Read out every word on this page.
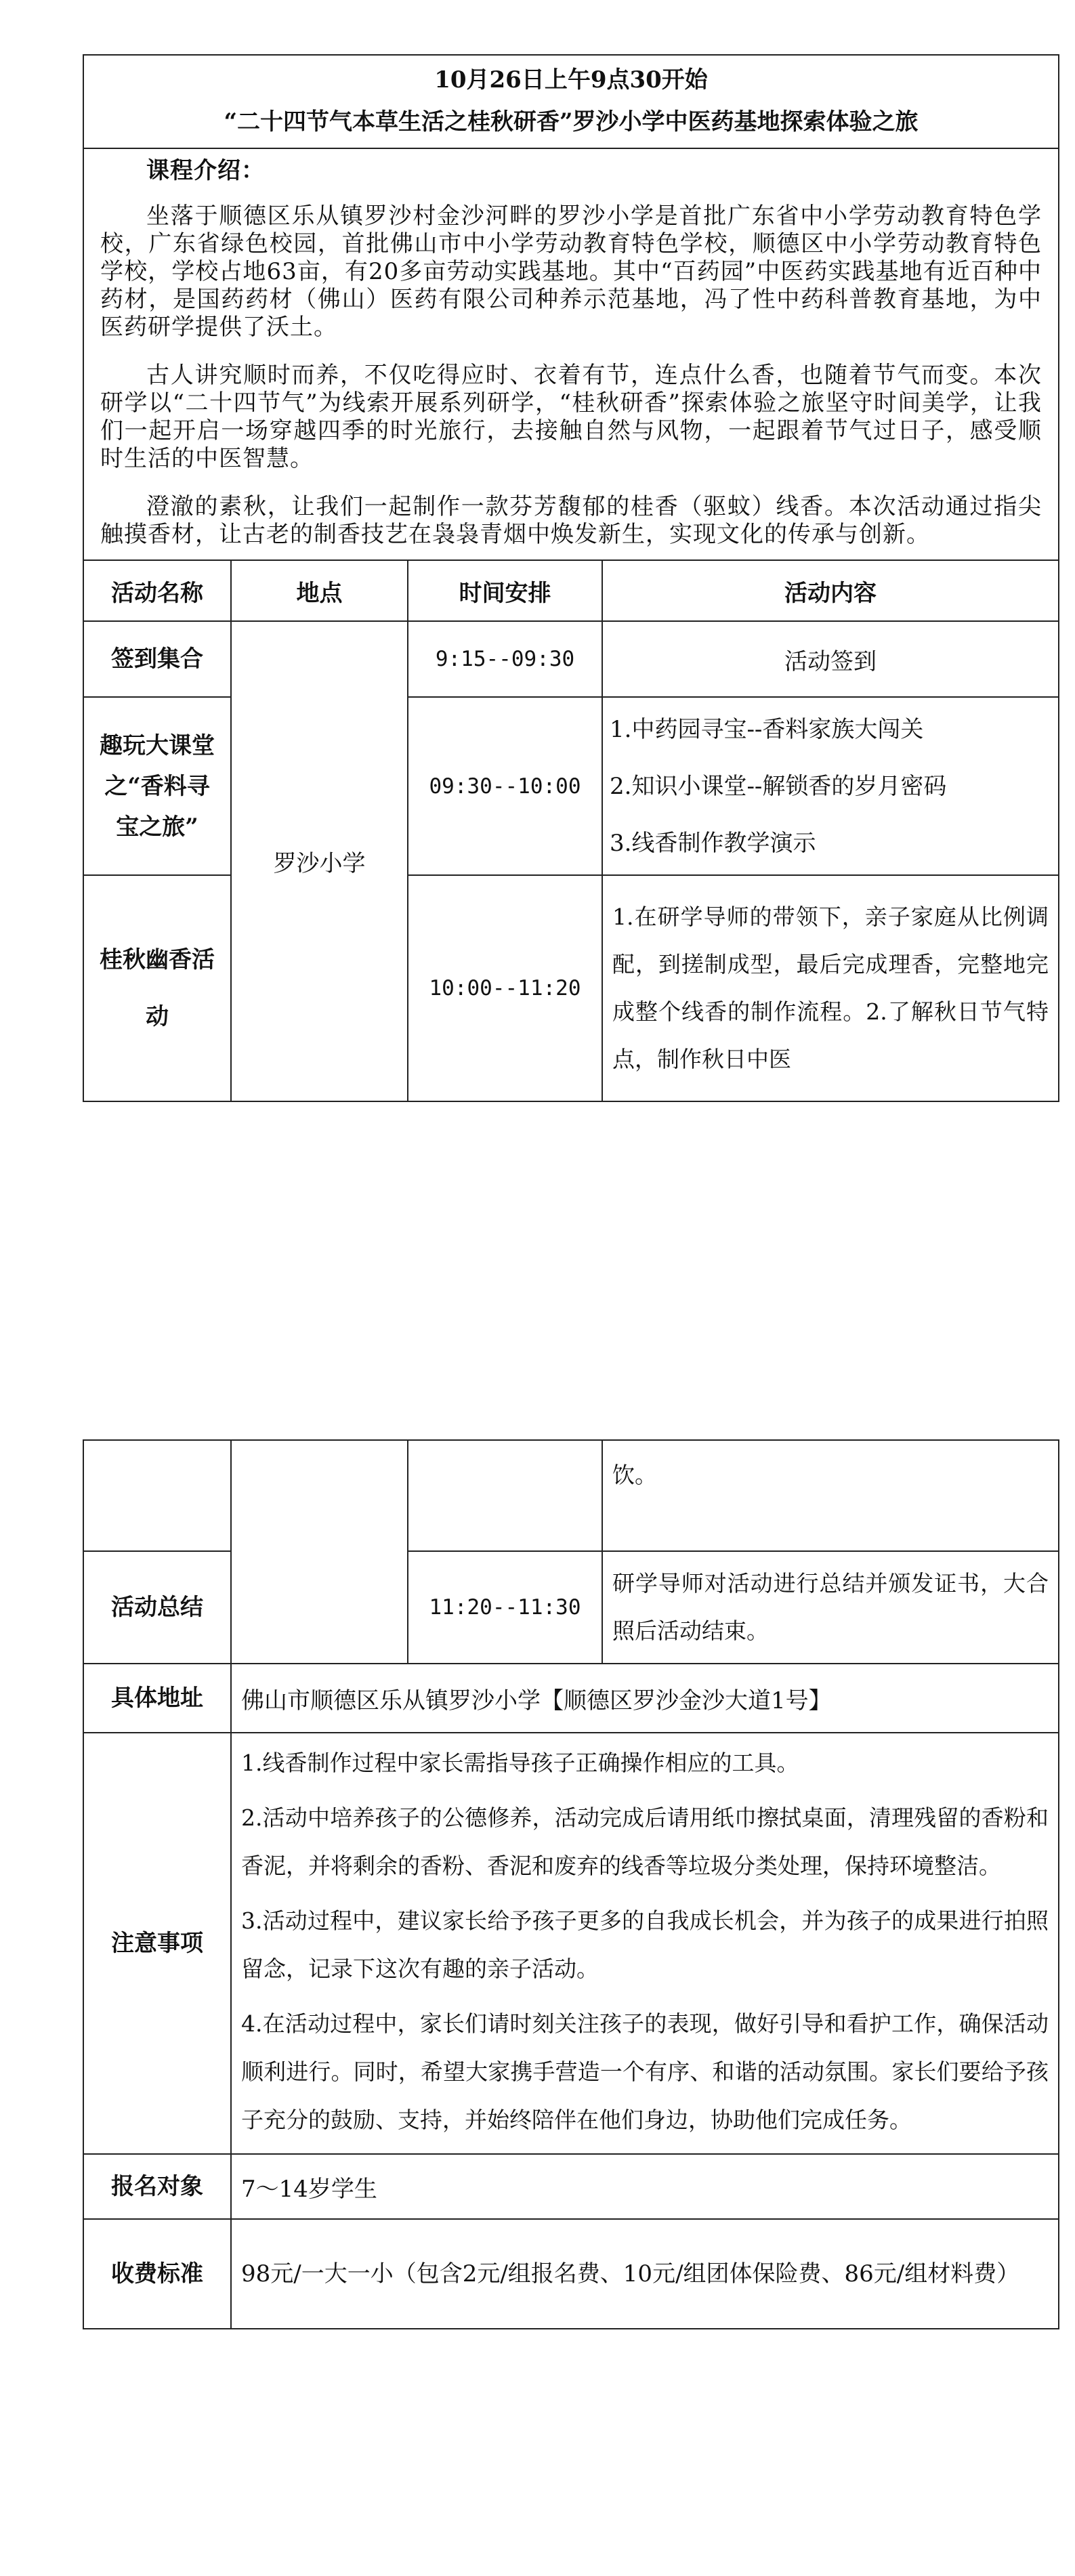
10月26日上午9点30开始
“二十四节气本草生活之桂秋研香”罗沙小学中医药基地探索体验之旅			

课程介绍：

坐落于顺德区乐从镇罗沙村金沙河畔的罗沙小学是首批广东省中小学劳动教育特色学校，广东省绿色校园，首批佛山市中小学劳动教育特色学校，顺德区中小学劳动教育特色学校，学校占地63亩，有20多亩劳动实践基地。其中“百药园”中医药实践基地有近百种中药材，是国药药材（佛山）医药有限公司种养示范基地，冯了性中药科普教育基地，为中医药研学提供了沃土。

古人讲究顺时而养，不仅吃得应时、衣着有节，连点什么香，也随着节气而变。本次研学以“二十四节气”为线索开展系列研学，“桂秋研香”探索体验之旅坚守时间美学，让我们一起开启一场穿越四季的时光旅行，去接触自然与风物，一起跟着节气过日子，感受顺时生活的中医智慧。

澄澈的素秋，让我们一起制作一款芬芳馥郁的桂香（驱蚊）线香。本次活动通过指尖触摸香材，让古老的制香技艺在袅袅青烟中焕发新生，实现文化的传承与创新。			

活动名称	地点	时间安排	活动内容
签到集合	罗沙小学	9:15--09:30	活动签到
趣玩大课堂之“香料寻宝之旅”		09:30--10:00	1.中药园寻宝--香料家族大闯关
2.知识小课堂--解锁香的岁月密码
3.线香制作教学演示

桂秋幽香活动		10:00--11:20	1.在研学导师的带领下，亲子家庭从比例调配，到搓制成型，最后完成理香，完整地完成整个线香的制作流程。2.了解秋日节气特点，制作秋日中医
			饮。
活动总结		11:20--11:30	研学导师对活动进行总结并颁发证书，大合照后活动结束。
具体地址	佛山市顺德区乐从镇罗沙小学【顺德区罗沙金沙大道1号】		
注意事项	1.线香制作过程中家长需指导孩子正确操作相应的工具。

2.活动中培养孩子的公德修养，活动完成后请用纸巾擦拭桌面，清理残留的香粉和香泥，并将剩余的香粉、香泥和废弃的线香等垃圾分类处理，保持环境整洁。

3.活动过程中，建议家长给予孩子更多的自我成长机会，并为孩子的成果进行拍照留念，记录下这次有趣的亲子活动。

4.在活动过程中，家长们请时刻关注孩子的表现，做好引导和看护工作，确保活动顺利进行。同时，希望大家携手营造一个有序、和谐的活动氛围。家长们要给予孩子充分的鼓励、支持，并始终陪伴在他们身边，协助他们完成任务。		

报名对象	7～14岁学生		
收费标准	98元/一大一小（包含2元/组报名费、10元/组团体保险费、86元/组材料费）		
